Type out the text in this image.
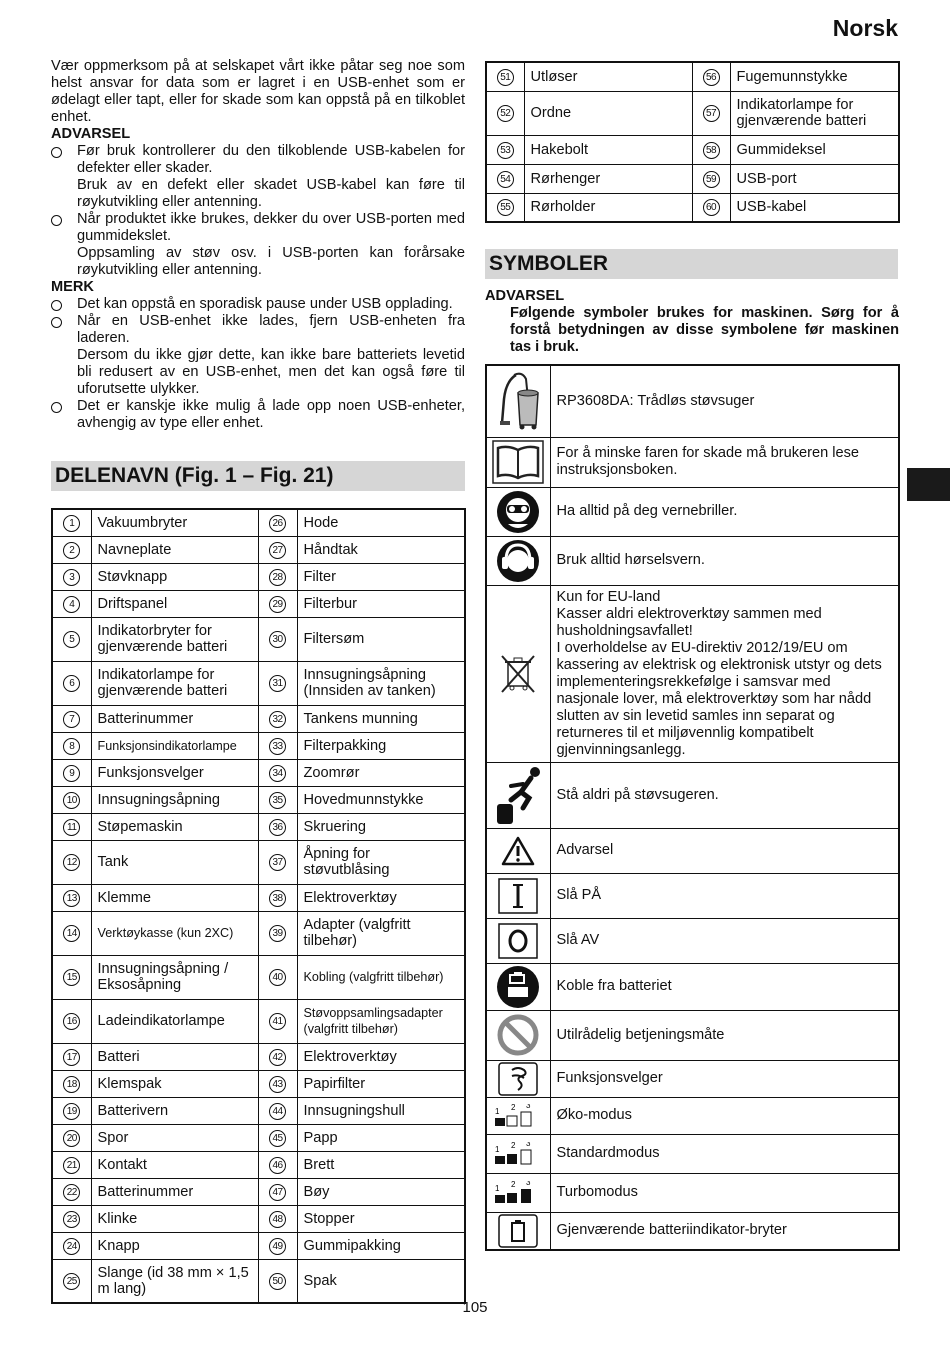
Norsk

Vær oppmerksom på at selskapet vårt ikke påtar seg noe som helst ansvar for data som er lagret i en USB-enhet som er ødelagt eller tapt, eller for skade som kan oppstå på en tilkoblet enhet.

ADVARSEL
Før bruk kontrollerer du den tilkoblende USB-kabelen for defekter eller skader.
Bruk av en defekt eller skadet USB-kabel kan føre til røykutvikling eller antenning.
Når produktet ikke brukes, dekker du over USB-porten med gummidekslet.
Oppsamling av støv osv. i USB-porten kan forårsake røykutvikling eller antenning.
MERK
Det kan oppstå en sporadisk pause under USB opplading.
Når en USB-enhet ikke lades, fjern USB-enheten fra laderen.
Dersom du ikke gjør dette, kan ikke bare batteriets levetid bli redusert av en USB-enhet, men det kan også føre til uforutsette ulykker.
Det er kanskje ikke mulig å lade opp noen USB-enheter, avhengig av type eller enhet.
DELENAVN (Fig. 1 – Fig. 21)
1	Vakuumbryter	26	Hode
2	Navneplate	27	Håndtak
3	Støvknapp	28	Filter
4	Driftspanel	29	Filterbur
5	Indikatorbryter for gjenværende batteri	30	Filtersøm
6	Indikatorlampe for gjenværende batteri	31	Innsugningsåpning (Innsiden av tanken)
7	Batterinummer	32	Tankens munning
8	Funksjonsindikatorlampe	33	Filterpakking
9	Funksjonsvelger	34	Zoomrør
10	Innsugningsåpning	35	Hovedmunnstykke
11	Støpemaskin	36	Skruering
12	Tank	37	Åpning for støvutblåsing
13	Klemme	38	Elektroverktøy
14	Verktøykasse (kun 2XC)	39	Adapter (valgfritt tilbehør)
15	Innsugningsåpning / Eksosåpning	40	Kobling (valgfritt tilbehør)
16	Ladeindikatorlampe	41	Støvoppsamlingsadapter (valgfritt tilbehør)
17	Batteri	42	Elektroverktøy
18	Klemspak	43	Papirfilter
19	Batterivern	44	Innsugningshull
20	Spor	45	Papp
21	Kontakt	46	Brett
22	Batterinummer	47	Bøy
23	Klinke	48	Stopper
24	Knapp	49	Gummipakking
25	Slange (id 38 mm × 1,5 m lang)	50	Spak
51	Utløser	56	Fugemunnstykke
52	Ordne	57	Indikatorlampe for gjenværende batteri
53	Hakebolt	58	Gummideksel
54	Rørhenger	59	USB-port
55	Rørholder	60	USB-kabel
SYMBOLER
ADVARSEL
Følgende symboler brukes for maskinen. Sørg for å forstå betydningen av disse symbolene før maskinen tas i bruk.
	RP3608DA: Trådløs støvsuger

	For å minske faren for skade må brukeren lese instruksjonsboken.

	Ha alltid på deg vernebriller.

	Bruk alltid hørselsvern.

Kun for EU-land
Kasser aldri elektroverktøy sammen med husholdningsavfallet!
I overholdelse av EU-direktiv 2012/19/EU om kassering av elektrisk og elektronisk utstyr og dets implementeringsrekkefølge i samsvar med nasjonale lover, må elektroverktøy som har nådd slutten av sin levetid samles inn separat og returneres til et miljøvennlig kompatibelt gjenvinningsanlegg.

	Stå aldri på støvsugeren.

	Advarsel

	Slå PÅ

	Slå AV

	Koble fra batteriet

	Utilrådelig betjeningsmåte

	Funksjonsvelger

1 2 3	Øko-modus

1 2 3	Standardmodus

1 2 3	Turbomodus

	Gjenværende batteriindikator-bryter
105
